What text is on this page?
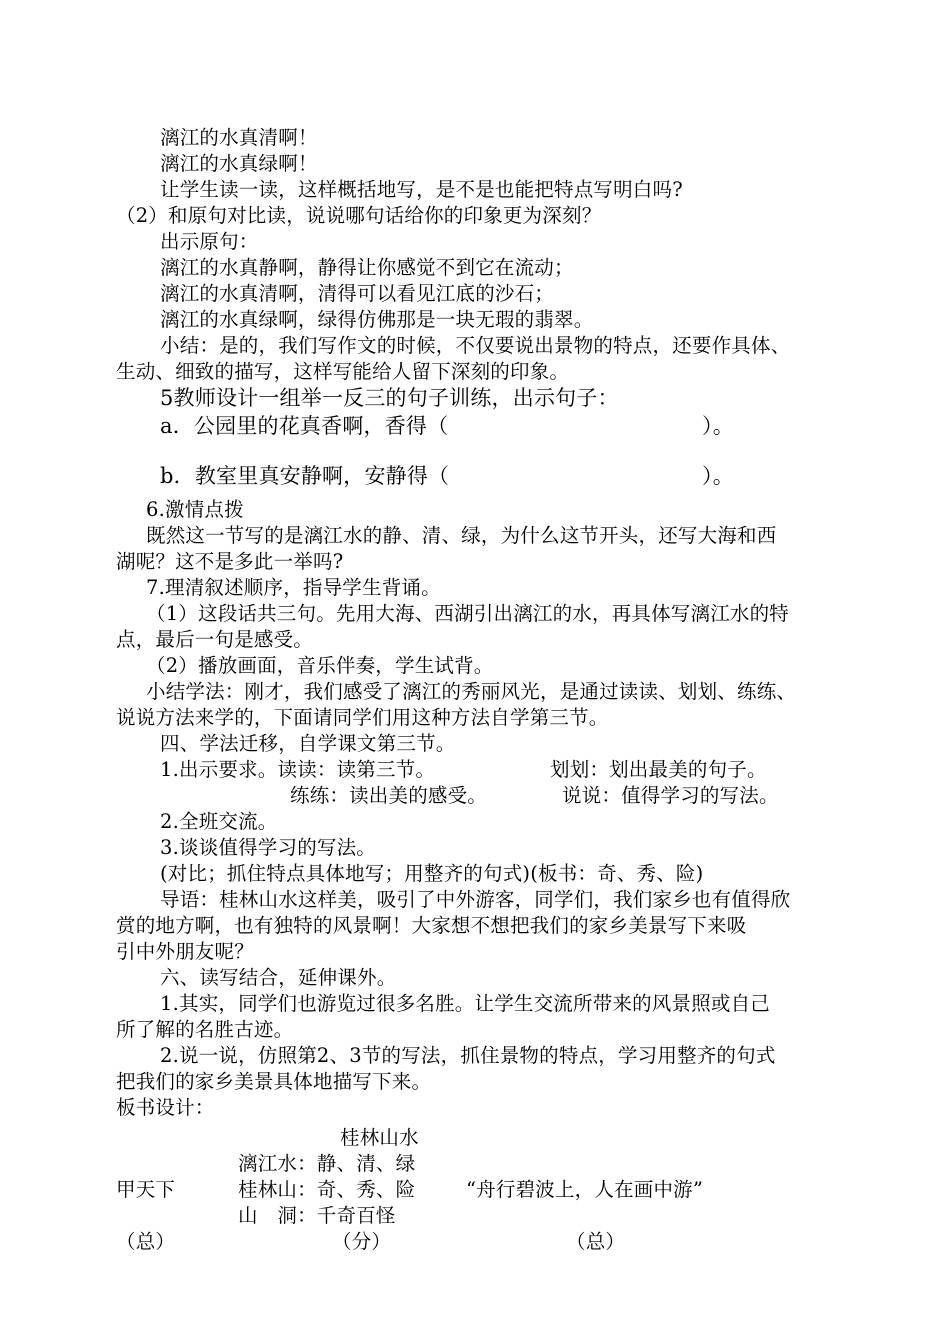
漓江的水真清啊！
漓江的水真绿啊！
让学生读一读，这样概括地写，是不是也能把特点写明白吗?
（2）和原句对比读，说说哪句话给你的印象更为深刻？
出示原句：
漓江的水真静啊，静得让你感觉不到它在流动；
漓江的水真清啊，清得可以看见江底的沙石；
漓江的水真绿啊，绿得仿佛那是一块无瑕的翡翠。
小结：是的，我们写作文的时候，不仅要说出景物的特点，还要作具体、
生动、细致的描写，这样写能给人留下深刻的印象。
5教师设计一组举一反三的句子训练，出示句子：
a．公园里的花真香啊，香得（	）。
b．教室里真安静啊，安静得（	）。
6.激情点拨
既然这一节写的是漓江水的静、清、绿，为什么这节开头，还写大海和西
湖呢？这不是多此一举吗?
7.理清叙述顺序，指导学生背诵。
（1）这段话共三句。先用大海、西湖引出漓江的水，再具体写漓江水的特
点，最后一句是感受。
（2）播放画面，音乐伴奏，学生试背。
小结学法：刚才，我们感受了漓江的秀丽风光，是通过读读、划划、练练、
说说方法来学的，下面请同学们用这种方法自学第三节。
四、学法迁移，自学课文第三节。
1.出示要求。读读：读第三节。	划划：划出最美的句子。
练练：读出美的感受。	说说：值得学习的写法。
2.全班交流。
3.谈谈值得学习的写法。
(对比；抓住特点具体地写；用整齐的句式)(板书：奇、秀、险)
导语：桂林山水这样美，吸引了中外游客，同学们，我们家乡也有值得欣
赏的地方啊，也有独特的风景啊！大家想不想把我们的家乡美景写下来吸
引中外朋友呢？
六、读写结合，延伸课外。
1.其实，同学们也游览过很多名胜。让学生交流所带来的风景照或自己
所了解的名胜古迹。
2.说一说，仿照第2、3节的写法，抓住景物的特点，学习用整齐的句式
把我们的家乡美景具体地描写下来。
板书设计：
桂林山水
漓江水：静、清、绿
甲天下	桂林山：奇、秀、险	“舟行碧波上，人在画中游”
山　洞：千奇百怪
（总）	（分）	（总）
